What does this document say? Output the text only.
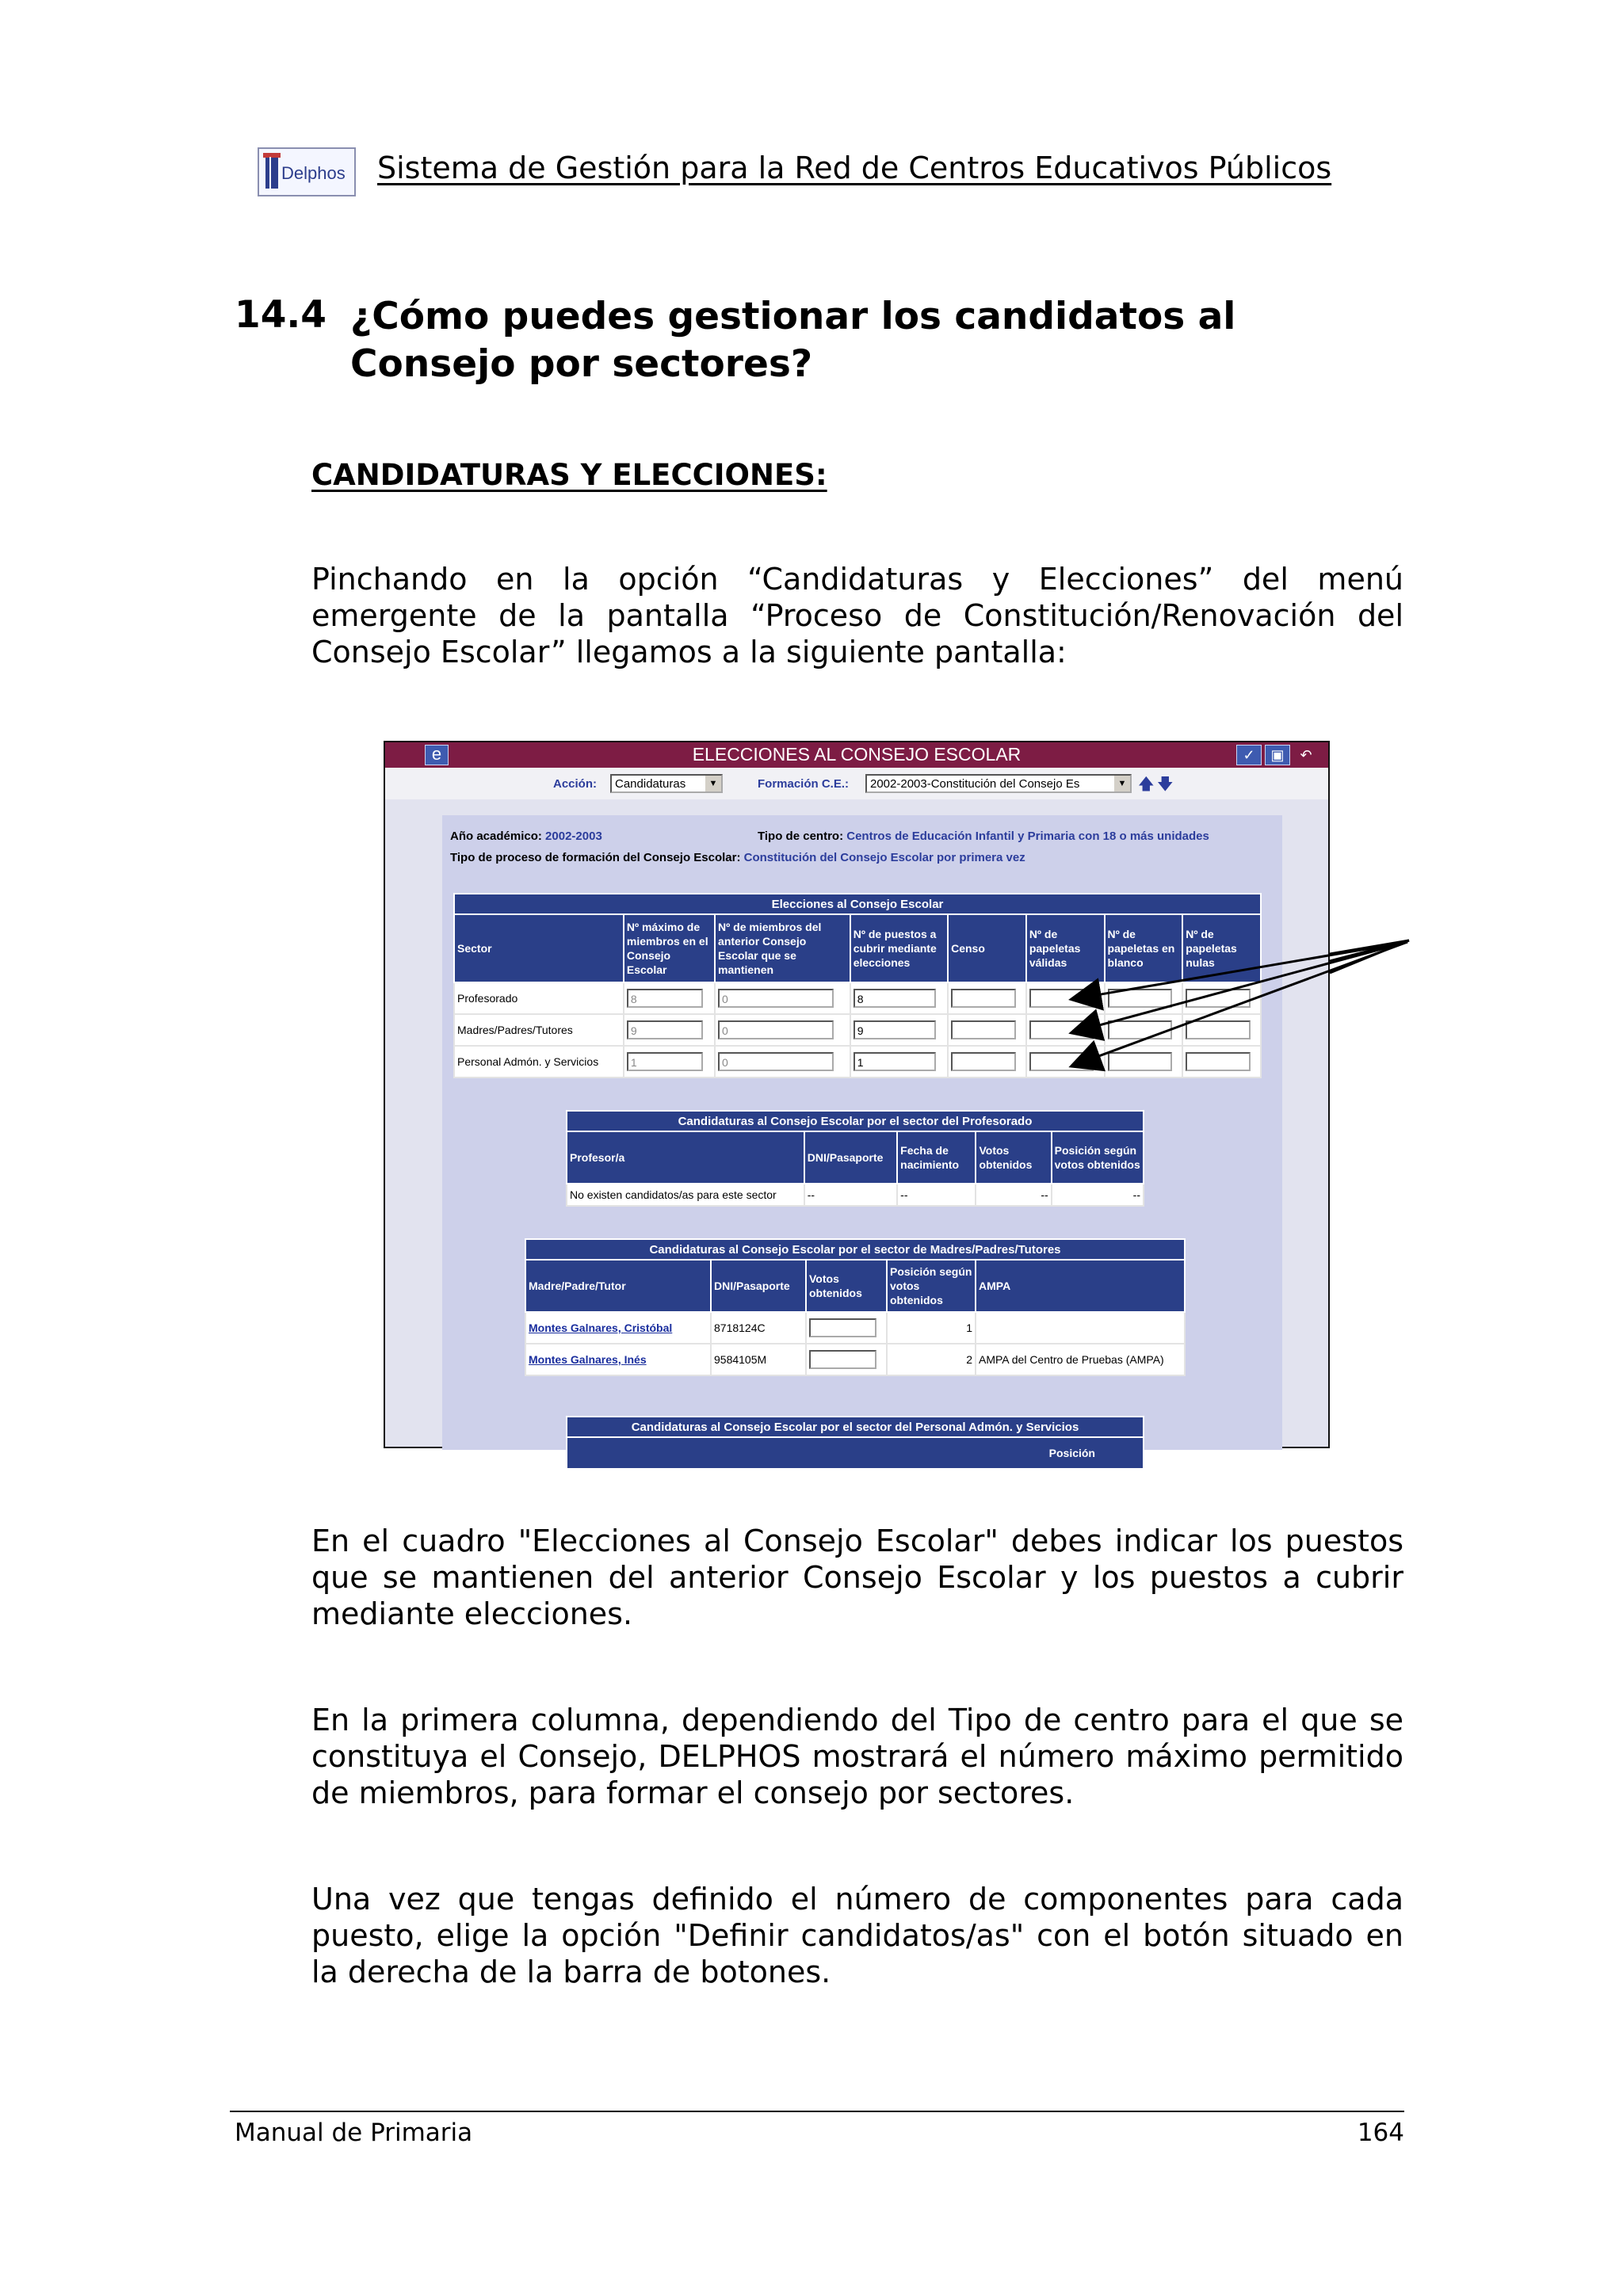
Delphos Sistema de Gestión para la Red de Centros Educativos Públicos
14.4 ¿Cómo puedes gestionar los candidatos al Consejo por sectores?
CANDIDATURAS Y ELECCIONES:
Pinchando en la opción “Candidaturas y Elecciones” del menú emergente de la pantalla “Proceso de Constitución/Renovación del Consejo Escolar” llegamos a la siguiente pantalla:
ELECCIONES AL CONSEJO ESCOLAR
e	✓	▣	↶
Acción:	Candidaturas	▼	Formación C.E.:	2002-2003-Constitución del Consejo Es	▼ 🡅 🡇
Año académico: 2002-2003	Tipo de centro: Centros de Educación Infantil y Primaria con 18 o más unidades
Tipo de proceso de formación del Consejo Escolar: Constitución del Consejo Escolar por primera vez
Elecciones al Consejo Escolar							
Sector	Nº máximo de miembros en el Consejo Escolar	Nº de miembros del anterior Consejo Escolar que se mantienen	Nº de puestos a cubrir mediante elecciones	Censo	Nº de papeletas válidas	Nº de papeletas en blanco	Nº de papeletas nulas
Profesorado	8	0	8				
Madres/Padres/Tutores	9	0	9				
Personal Admón. y Servicios	1	0	1				
Candidaturas al Consejo Escolar por el sector del Profesorado				
Profesor/a	DNI/Pasaporte	Fecha de nacimiento	Votos obtenidos	Posición según votos obtenidos
No existen candidatos/as para este sector	--	--	--	--
Candidaturas al Consejo Escolar por el sector de Madres/Padres/Tutores				
Madre/Padre/Tutor	DNI/Pasaporte	Votos obtenidos	Posición según votos obtenidos	AMPA
Montes Galnares, Cristóbal	8718124C		1	
Montes Galnares, Inés	9584105M		2	AMPA del Centro de Pruebas (AMPA)
Candidaturas al Consejo Escolar por el sector del Personal Admón. y Servicios
Posición
En el cuadro "Elecciones al Consejo Escolar" debes indicar los puestos que se mantienen del anterior Consejo Escolar y los puestos a cubrir mediante elecciones.
En la primera columna, dependiendo del Tipo de centro para el que se constituya el Consejo, DELPHOS mostrará el número máximo permitido de miembros, para formar el consejo por sectores.
Una vez que tengas definido el número de componentes para cada puesto, elige la opción "Definir candidatos/as" con el botón situado en la derecha de la barra de botones.
Manual de Primaria	164
